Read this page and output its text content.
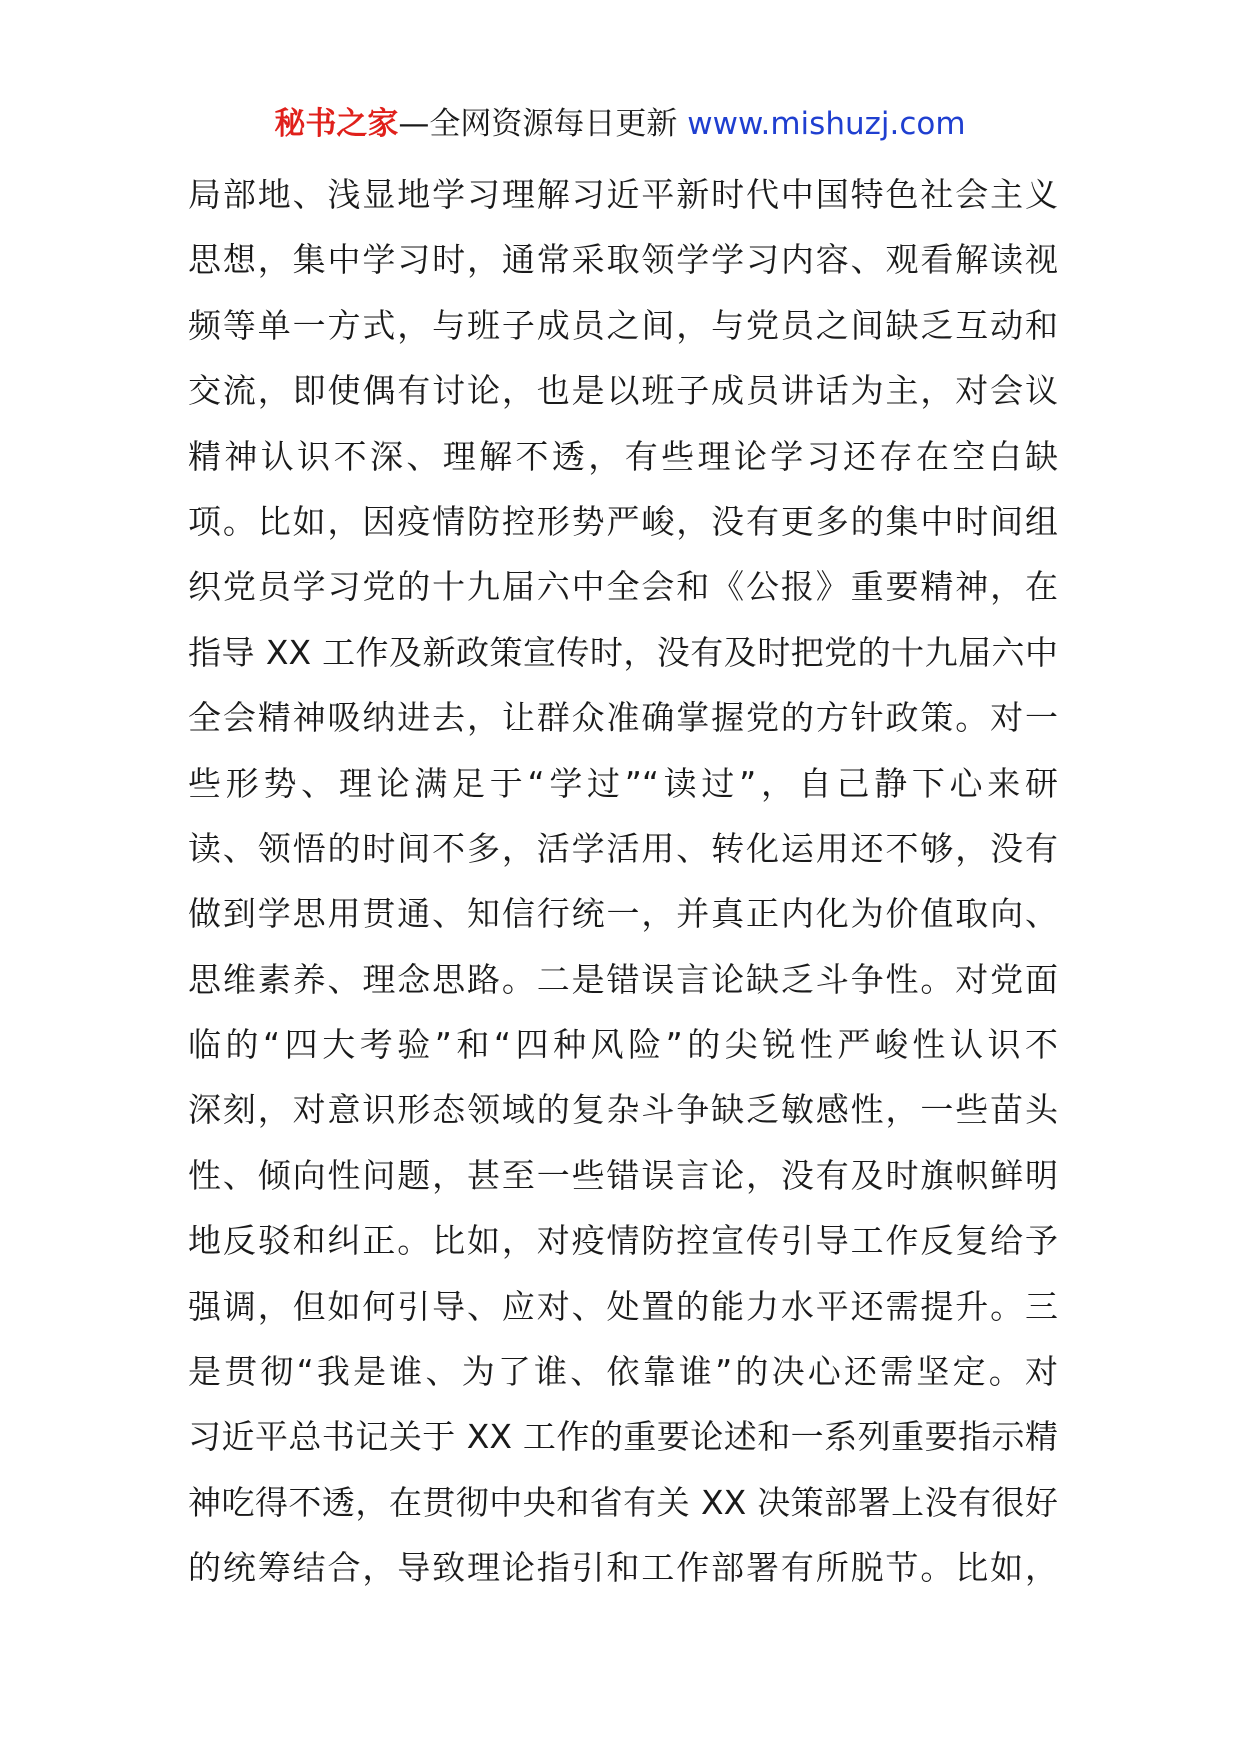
秘书之家—全网资源每日更新 www.mishuzj.com
局部地、浅显地学习理解习近平新时代中国特色社会主义
思想，集中学习时，通常采取领学学习内容、观看解读视
频等单一方式，与班子成员之间，与党员之间缺乏互动和
交流，即使偶有讨论，也是以班子成员讲话为主，对会议
精神认识不深、理解不透，有些理论学习还存在空白缺
项。比如，因疫情防控形势严峻，没有更多的集中时间组
织党员学习党的十九届六中全会和《公报》重要精神，在
指导 XX 工作及新政策宣传时，没有及时把党的十九届六中
全会精神吸纳进去，让群众准确掌握党的方针政策。对一
些形势、理论满足于“学过”“读过”，自己静下心来研
读、领悟的时间不多，活学活用、转化运用还不够，没有
做到学思用贯通、知信行统一，并真正内化为价值取向、
思维素养、理念思路。二是错误言论缺乏斗争性。对党面
临的“四大考验”和“四种风险”的尖锐性严峻性认识不
深刻，对意识形态领域的复杂斗争缺乏敏感性，一些苗头
性、倾向性问题，甚至一些错误言论，没有及时旗帜鲜明
地反驳和纠正。比如，对疫情防控宣传引导工作反复给予
强调，但如何引导、应对、处置的能力水平还需提升。三
是贯彻“我是谁、为了谁、依靠谁”的决心还需坚定。对
习近平总书记关于 XX 工作的重要论述和一系列重要指示精
神吃得不透，在贯彻中央和省有关 XX 决策部署上没有很好
的统筹结合，导致理论指引和工作部署有所脱节。比如，
